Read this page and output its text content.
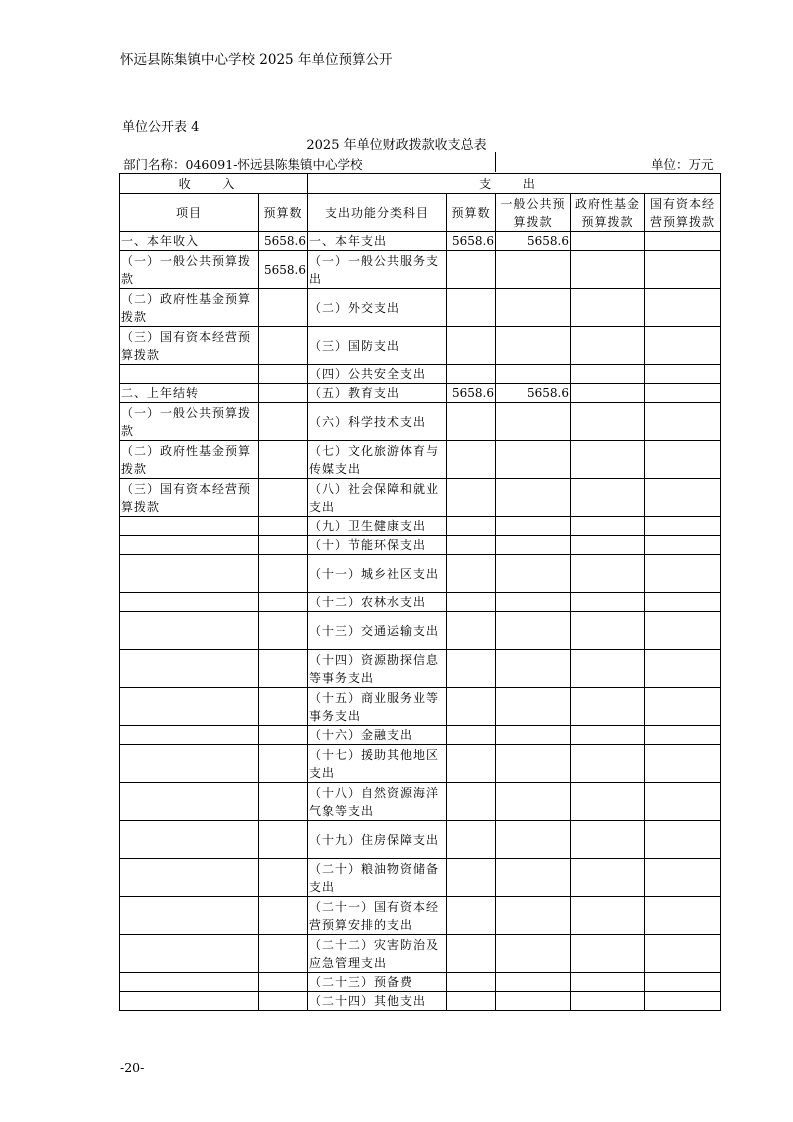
怀远县陈集镇中心学校 2025 年单位预算公开
单位公开表 4
2025 年单位财政拨款收支总表
部门名称：046091-怀远县陈集镇中心学校	单位：万元
收 入		支 出				
项目	预算数	支出功能分类科目	预算数	一般公共预算拨款	政府性基金预算拨款	国有资本经营预算拨款
一、本年收入	5658.6	一、本年支出	5658.6	5658.6		
（一）一般公共预算拨款	5658.6	（一）一般公共服务支出				
（二）政府性基金预算拨款		（二）外交支出				
（三）国有资本经营预算拨款		（三）国防支出				
		（四）公共安全支出				
二、上年结转		（五）教育支出	5658.6	5658.6		
（一）一般公共预算拨款		（六）科学技术支出				
（二）政府性基金预算拨款		（七）文化旅游体育与传媒支出				
（三）国有资本经营预算拨款		（八）社会保障和就业支出				
		（九）卫生健康支出				
		（十）节能环保支出				
		（十一）城乡社区支出				
		（十二）农林水支出				
		（十三）交通运输支出				
		（十四）资源勘探信息等事务支出				
		（十五）商业服务业等事务支出				
		（十六）金融支出				
		（十七）援助其他地区支出				
		（十八）自然资源海洋气象等支出				
		（十九）住房保障支出				
		（二十）粮油物资储备支出				
		（二十一）国有资本经营预算安排的支出				
		（二十二）灾害防治及应急管理支出				
		（二十三）预备费				
		（二十四）其他支出				
-20-
